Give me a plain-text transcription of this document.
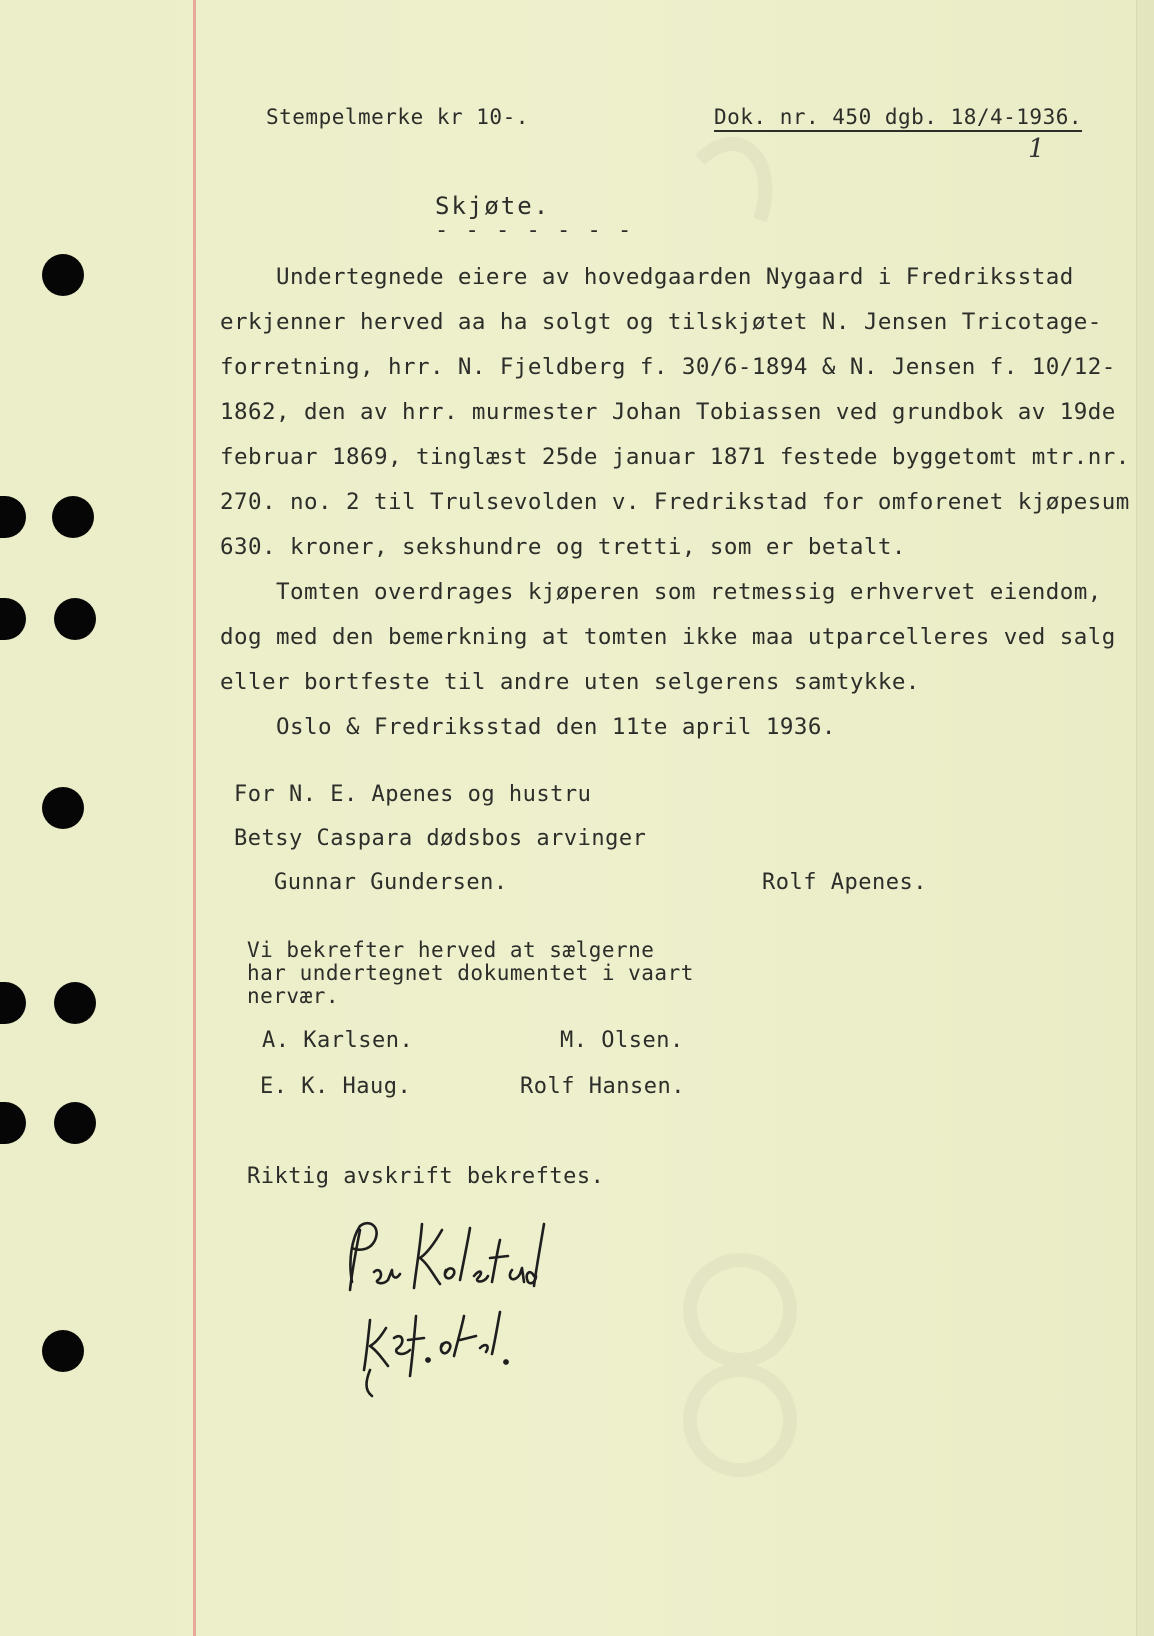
Stempelmerke kr 10-.	Dok. nr. 450 dgb. 18/4-1936.
1
Skjøte.
- - - - - - -
Undertegnede eiere av hovedgaarden Nygaard i Fredriksstad
erkjenner herved aa ha solgt og tilskjøtet N. Jensen Tricotage-
forretning, hrr. N. Fjeldberg f. 30/6-1894 & N. Jensen f. 10/12-
1862, den av hrr. murmester Johan Tobiassen ved grundbok av 19de
februar 1869, tinglæst 25de januar 1871 festede byggetomt mtr.nr.
270. no. 2 til Trulsevolden v. Fredrikstad for omforenet kjøpesum
630. kroner, sekshundre og tretti, som er betalt.
Tomten overdrages kjøperen som retmessig erhvervet eiendom,
dog med den bemerkning at tomten ikke maa utparcelleres ved salg
eller bortfeste til andre uten selgerens samtykke.
Oslo & Fredriksstad den 11te april 1936.
For N. E. Apenes og hustru
Betsy Caspara dødsbos arvinger
Gunnar Gundersen.	Rolf Apenes.
Vi bekrefter herved at sælgerne
har undertegnet dokumentet i vaart
nervær.
A. Karlsen.	M. Olsen.
E. K. Haug.	Rolf Hansen.
Riktig avskrift bekreftes.
